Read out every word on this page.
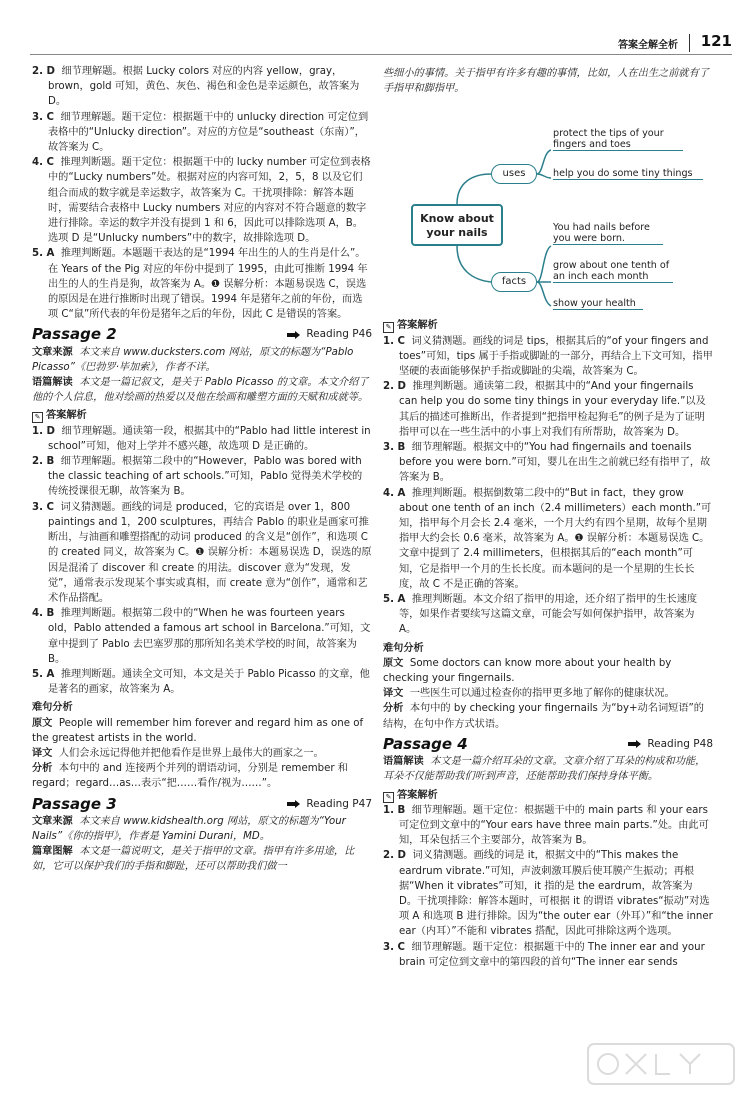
答案全解全析 121

2. D 细节理解题。根据 Lucky colors 对应的内容 yellow，gray，brown，gold 可知，黄色、灰色、褐色和金色是幸运颜色，故答案为 D。

3. C 细节理解题。题干定位：根据题干中的 unlucky direction 可定位到表格中的“Unlucky direction”。对应的方位是“southeast（东南）”，故答案为 C。

4. C 推理判断题。题干定位：根据题干中的 lucky number 可定位到表格中的“Lucky numbers”处。根据对应的内容可知，2，5，8 以及它们组合而成的数字就是幸运数字，故答案为 C。干扰项排除：解答本题时，需要结合表格中 Lucky numbers 对应的内容对不符合题意的数字进行排除。幸运的数字并没有提到 1 和 6，因此可以排除选项 A，B。选项 D 是“Unlucky numbers”中的数字，故排除选项 D。

5. A 推理判断题。本题题干表达的是“1994 年出生的人的生肖是什么”。在 Years of the Pig 对应的年份中提到了 1995，由此可推断 1994 年出生的人的生肖是狗，故答案为 A。❶ 误解分析：本题易误选 C，误选的原因是在进行推断时出现了错误。1994 年是猪年之前的年份，而选项 C“鼠”所代表的年份是猪年之后的年份，因此 C 是错误的答案。

Passage 2	Reading P46

文章来源 本文来自 www.ducksters.com 网站，原文的标题为“Pablo Picasso”《巴勃罗·毕加索》，作者不详。

语篇解读 本文是一篇记叙文，是关于 Pablo Picasso 的文章。本文介绍了他的个人信息，他对绘画的热爱以及他在绘画和雕塑方面的天赋和成就等。

✎ 答案解析

1. D 细节理解题。通读第一段，根据其中的“Pablo had little interest in school”可知，他对上学并不感兴趣，故选项 D 是正确的。

2. B 细节理解题。根据第二段中的“However，Pablo was bored with the classic teaching of art schools.”可知，Pablo 觉得美术学校的传统授课很无聊，故答案为 B。

3. C 词义猜测题。画线的词是 produced，它的宾语是 over 1，800 paintings and 1，200 sculptures，再结合 Pablo 的职业是画家可推断出，与油画和雕塑搭配的动词 produced 的含义是“创作”，和选项 C 的 created 同义，故答案为 C。❶ 误解分析：本题易误选 D，误选的原因是混淆了 discover 和 create 的用法。discover 意为“发现，发觉”，通常表示发现某个事实或真相，而 create 意为“创作”，通常和艺术作品搭配。

4. B 推理判断题。根据第二段中的“When he was fourteen years old，Pablo attended a famous art school in Barcelona.”可知，文章中提到了 Pablo 去巴塞罗那的那所知名美术学校的时间，故答案为 B。

5. A 推理判断题。通读全文可知，本文是关于 Pablo Picasso 的文章，他是著名的画家，故答案为 A。

难句分析

原文 People will remember him forever and regard him as one of the greatest artists in the world.

译文 人们会永远记得他并把他看作是世界上最伟大的画家之一。

分析 本句中的 and 连接两个并列的谓语动词，分别是 remember 和 regard；regard…as…表示“把……看作/视为……”。

Passage 3	Reading P47

文章来源 本文来自 www.kidshealth.org 网站，原文的标题为“Your Nails”《你的指甲》，作者是 Yamini Durani，MD。

篇章图解 本文是一篇说明文，是关于指甲的文章。指甲有许多用途，比如，它可以保护我们的手指和脚趾，还可以帮助我们做一

些细小的事情。关于指甲有许多有趣的事情，比如，人在出生之前就有了手指甲和脚指甲。

Know about your nails
uses
facts
protect the tips of your fingers and toes
help you do some tiny things
You had nails before you were born.
grow about one tenth of an inch each month
show your health
✎ 答案解析

1. C 词义猜测题。画线的词是 tips，根据其后的“of your fingers and toes”可知，tips 属于手指或脚趾的一部分，再结合上下文可知，指甲坚硬的表面能够保护手指或脚趾的尖端，故答案为 C。

2. D 推理判断题。通读第二段，根据其中的“And your fingernails can help you do some tiny things in your everyday life.”以及其后的描述可推断出，作者提到“把指甲检起狗毛”的例子是为了证明指甲可以在一些生活中的小事上对我们有所帮助，故答案为 D。

3. B 细节理解题。根据文中的“You had fingernails and toenails before you were born.”可知，婴儿在出生之前就已经有指甲了，故答案为 B。

4. A 推理判断题。根据倒数第二段中的“But in fact，they grow about one tenth of an inch（2.4 millimeters）each month.”可知，指甲每个月会长 2.4 毫米，一个月大约有四个星期，故每个星期指甲大约会长 0.6 毫米，故答案为 A。❶ 误解分析：本题易误选 C。文章中提到了 2.4 millimeters，但根据其后的“each month”可知，它是指甲一个月的生长长度。而本题问的是一个星期的生长长度，故 C 不是正确的答案。

5. A 推理判断题。本文介绍了指甲的用途，还介绍了指甲的生长速度等，如果作者要续写这篇文章，可能会写如何保护指甲，故答案为 A。

难句分析

原文 Some doctors can know more about your health by checking your fingernails.

译文 一些医生可以通过检查你的指甲更多地了解你的健康状况。

分析 本句中的 by checking your fingernails 为“by+动名词短语”的结构，在句中作方式状语。

Passage 4	Reading P48

语篇解读 本文是一篇介绍耳朵的文章。文章介绍了耳朵的构成和功能，耳朵不仅能帮助我们听到声音，还能帮助我们保持身体平衡。

✎ 答案解析

1. B 细节理解题。题干定位：根据题干中的 main parts 和 your ears 可定位到文章中的“Your ears have three main parts.”处。由此可知，耳朵包括三个主要部分，故答案为 B。

2. D 词义猜测题。画线的词是 it，根据文中的“This makes the eardrum vibrate.”可知，声波刺激耳膜后使耳膜产生振动；再根据“When it vibrates”可知，it 指的是 the eardrum，故答案为 D。干扰项排除：解答本题时，可根据 it 的谓语 vibrates“振动”对选项 A 和选项 B 进行排除。因为“the outer ear（外耳）”和“the inner ear（内耳）”不能和 vibrates 搭配，因此可排除这两个选项。

3. C 细节理解题。题干定位：根据题干中的 The inner ear and your brain 可定位到文章中的第四段的首句“The inner ear sends
